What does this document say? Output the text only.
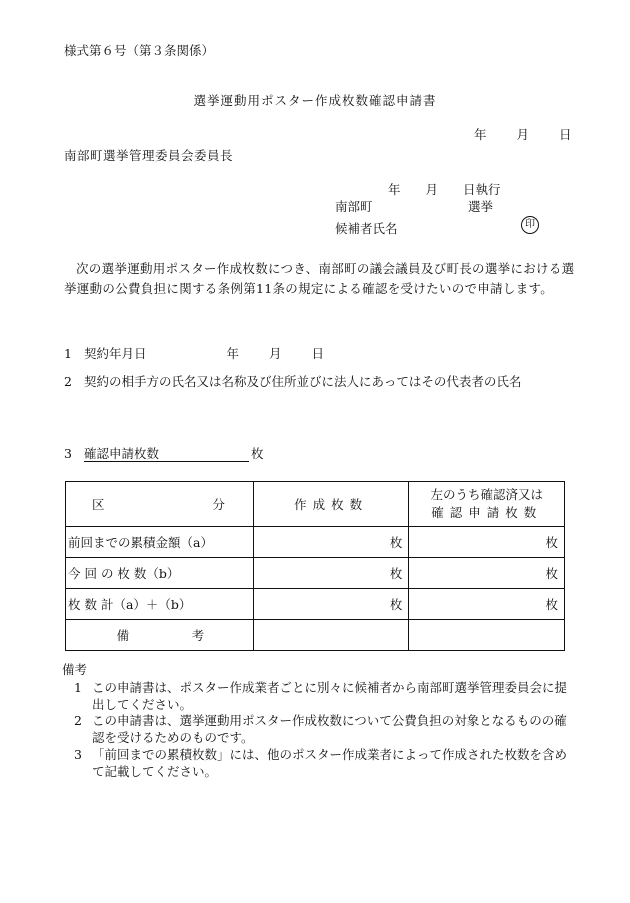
様式第６号（第３条関係）
選挙運動用ポスター作成枚数確認申請書
年 月 日
南部町選挙管理委員会委員長
年　　月　　日執行
南部町	選挙
候補者氏名	印
次の選挙運動用ポスター作成枚数につき、南部町の議会議員及び町長の選挙における選挙運動の公費負担に関する条例第11条の規定による確認を受けたいので申請します。
1 契約年月日	年 月 日
2 契約の相手方の氏名又は名称及び住所並びに法人にあってはその代表者の氏名
3 確認申請枚数	枚
区 分	作成枚数	左のうち確認済又は
確認申請枚数

前回までの累積金額（a）	枚	枚
今 回 の 枚 数（b）	枚	枚
枚 数 計（a）＋（b）	枚	枚
備　　　　　考		
備考
1 この申請書は、ポスター作成業者ごとに別々に候補者から南部町選挙管理委員会に提出してください。
2 この申請書は、選挙運動用ポスター作成枚数について公費負担の対象となるものの確認を受けるためのものです。
3 「前回までの累積枚数」には、他のポスター作成業者によって作成された枚数を含めて記載してください。
